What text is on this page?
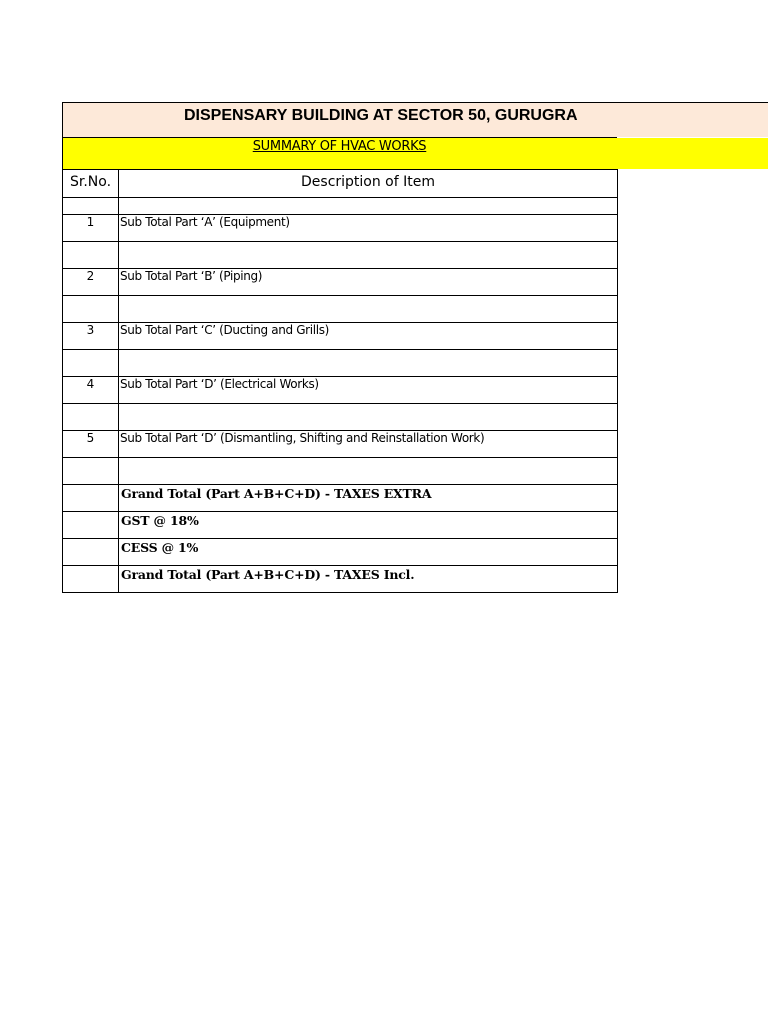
DISPENSARY BUILDING AT SECTOR 50, GURUGRA
SUMMARY OF HVAC WORKS
Sr.No.	Description of Item

1	Sub Total Part ‘A’ (Equipment)

2	Sub Total Part ‘B’ (Piping)

3	Sub Total Part ‘C’ (Ducting and Grills)

4	Sub Total Part ‘D’ (Electrical Works)

5	Sub Total Part ‘D’ (Dismantling, Shifting and Reinstallation Work)

	Grand Total (Part A+B+C+D) - TAXES EXTRA
	GST @ 18%
	CESS @ 1%
	Grand Total (Part A+B+C+D) - TAXES Incl.
